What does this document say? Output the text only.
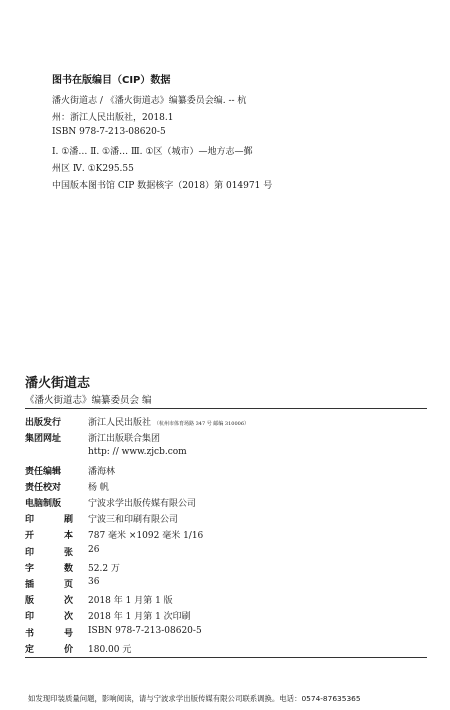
图书在版编目（CIP）数据
潘火街道志 / 《潘火街道志》编纂委员会编. -- 杭
州：浙江人民出版社，2018.1
ISBN 978-7-213-08620-5
Ⅰ. ①潘… Ⅱ. ①潘… Ⅲ. ①区（城市）—地方志—鄞
州区 Ⅳ. ①K295.55
中国版本图书馆 CIP 数据核字（2018）第 014971 号
潘火街道志
《潘火街道志》编纂委员会 编
出版发行	浙江人民出版社 （杭州市体育场路 347 号 邮编 310006）
集团网址	浙江出版联合集团
http: // www.zjcb.com
责任编辑	潘海林
责任校对	杨 帆
电脑制版	宁波求学出版传媒有限公司
印	刷 宁波三和印刷有限公司
开	本 787 毫米 ×1092 毫米 1/16
印	张 26
字	数 52.2 万
插	页 36
版	次 2018 年 1 月第 1 版
印	次 2018 年 1 月第 1 次印刷
书	号 ISBN 978-7-213-08620-5
定	价 180.00 元
如发现印装质量问题，影响阅读，请与宁波求学出版传媒有限公司联系调换。电话：0574-87635365
